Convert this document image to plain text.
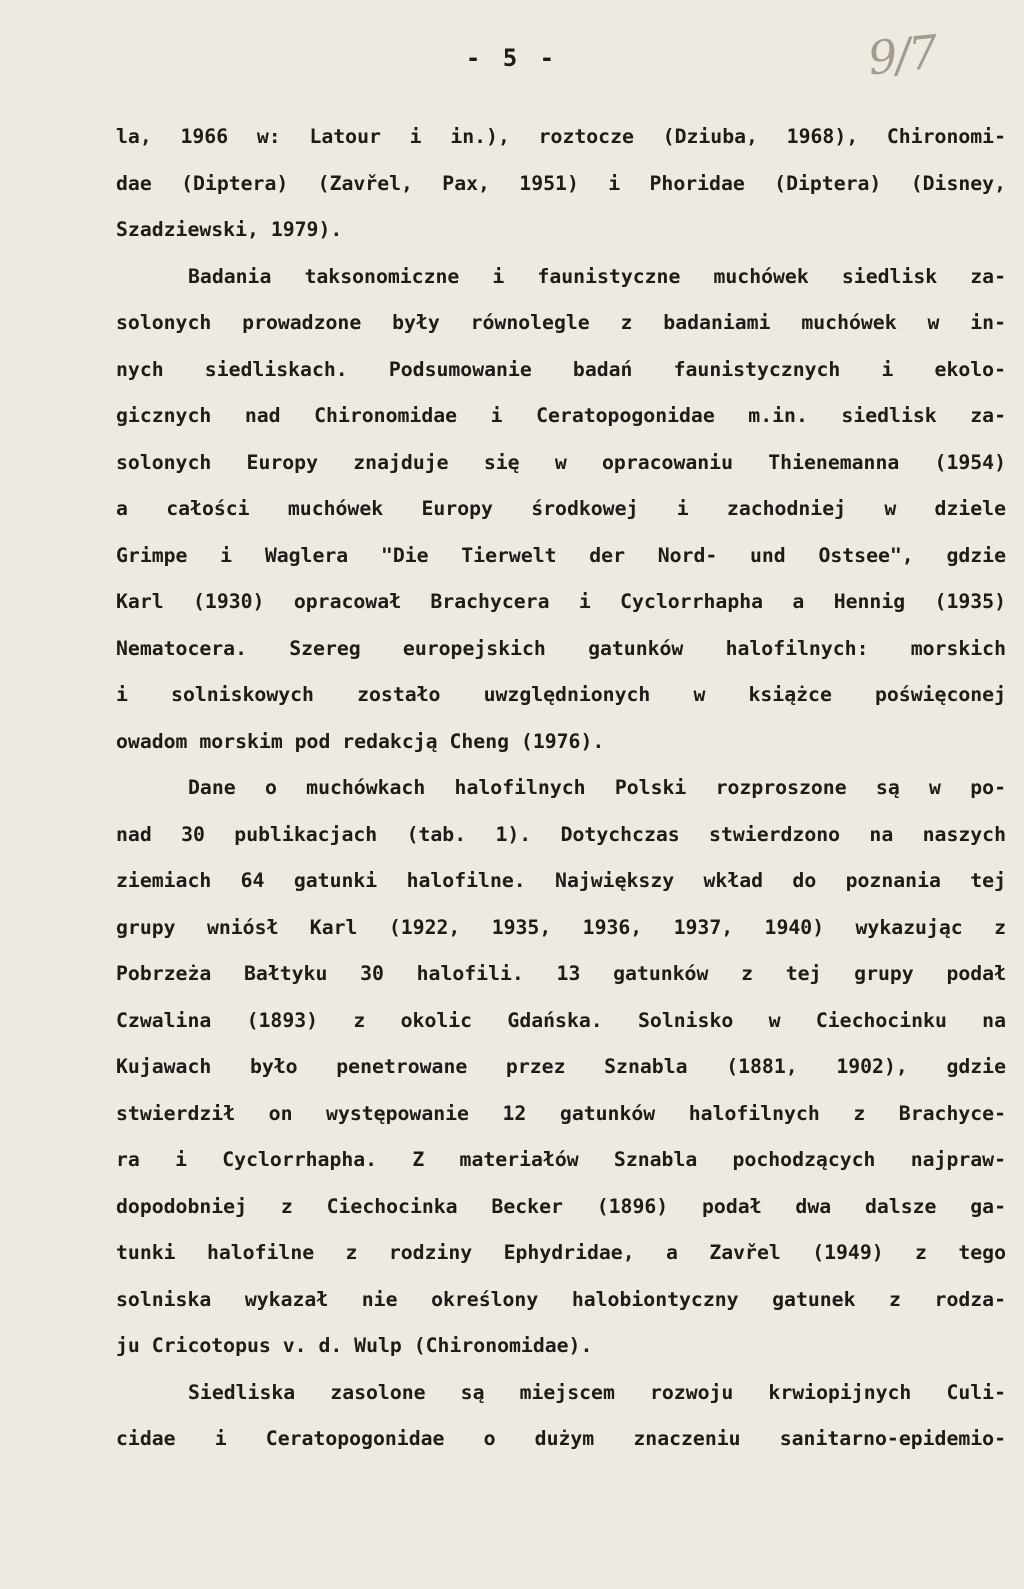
- 5 -	9/7
la, 1966 w: Latour i in.), roztocze (Dziuba, 1968), Chironomi-
dae (Diptera) (Zavřel, Pax, 1951) i Phoridae (Diptera) (Disney,
Szadziewski, 1979).
Badania taksonomiczne i faunistyczne muchówek siedlisk za-
solonych prowadzone były równolegle z badaniami muchówek w in-
nych siedliskach. Podsumowanie badań faunistycznych i ekolo-
gicznych nad Chironomidae i Ceratopogonidae m.in. siedlisk za-
solonych Europy znajduje się w opracowaniu Thienemanna (1954)
a całości muchówek Europy środkowej i zachodniej w dziele
Grimpe i Waglera "Die Tierwelt der Nord- und Ostsee", gdzie
Karl (1930) opracował Brachycera i Cyclorrhapha a Hennig (1935)
Nematocera. Szereg europejskich gatunków halofilnych: morskich
i solniskowych zostało uwzględnionych w książce poświęconej
owadom morskim pod redakcją Cheng (1976).
Dane o muchówkach halofilnych Polski rozproszone są w po-
nad 30 publikacjach (tab. 1). Dotychczas stwierdzono na naszych
ziemiach 64 gatunki halofilne. Największy wkład do poznania tej
grupy wniósł Karl (1922, 1935, 1936, 1937, 1940) wykazując z
Pobrzeża Bałtyku 30 halofili. 13 gatunków z tej grupy podał
Czwalina (1893) z okolic Gdańska. Solnisko w Ciechocinku na
Kujawach było penetrowane przez Sznabla (1881, 1902), gdzie
stwierdził on występowanie 12 gatunków halofilnych z Brachyce-
ra i Cyclorrhapha. Z materiałów Sznabla pochodzących najpraw-
dopodobniej z Ciechocinka Becker (1896) podał dwa dalsze ga-
tunki halofilne z rodziny Ephydridae, a Zavřel (1949) z tego
solniska wykazał nie określony halobiontyczny gatunek z rodza-
ju Cricotopus v. d. Wulp (Chironomidae).
Siedliska zasolone są miejscem rozwoju krwiopijnych Culi-
cidae i Ceratopogonidae o dużym znaczeniu sanitarno-epidemio-
